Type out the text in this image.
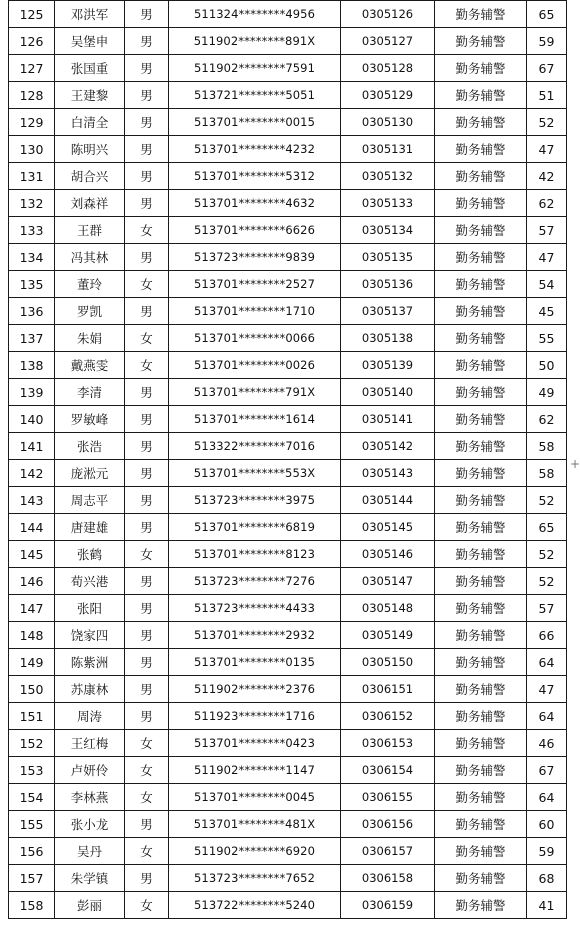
125	邓洪军	男	511324********4956	0305126	勤务辅警	65
126	吴堡申	男	511902********891X	0305127	勤务辅警	59
127	张国重	男	511902********7591	0305128	勤务辅警	67
128	王建黎	男	513721********5051	0305129	勤务辅警	51
129	白清全	男	513701********0015	0305130	勤务辅警	52
130	陈明兴	男	513701********4232	0305131	勤务辅警	47
131	胡合兴	男	513701********5312	0305132	勤务辅警	42
132	刘森祥	男	513701********4632	0305133	勤务辅警	62
133	王群	女	513701********6626	0305134	勤务辅警	57
134	冯其林	男	513723********9839	0305135	勤务辅警	47
135	董玲	女	513701********2527	0305136	勤务辅警	54
136	罗凯	男	513701********1710	0305137	勤务辅警	45
137	朱娟	女	513701********0066	0305138	勤务辅警	55
138	戴燕雯	女	513701********0026	0305139	勤务辅警	50
139	李清	男	513701********791X	0305140	勤务辅警	49
140	罗敏峰	男	513701********1614	0305141	勤务辅警	62
141	张浩	男	513322********7016	0305142	勤务辅警	58
142	庞淞元	男	513701********553X	0305143	勤务辅警	58
143	周志平	男	513723********3975	0305144	勤务辅警	52
144	唐建雄	男	513701********6819	0305145	勤务辅警	65
145	张鹤	女	513701********8123	0305146	勤务辅警	52
146	荀兴港	男	513723********7276	0305147	勤务辅警	52
147	张阳	男	513723********4433	0305148	勤务辅警	57
148	饶家四	男	513701********2932	0305149	勤务辅警	66
149	陈紫洲	男	513701********0135	0305150	勤务辅警	64
150	苏康林	男	511902********2376	0306151	勤务辅警	47
151	周涛	男	511923********1716	0306152	勤务辅警	64
152	王红梅	女	513701********0423	0306153	勤务辅警	46
153	卢妍伶	女	511902********1147	0306154	勤务辅警	67
154	李林燕	女	513701********0045	0306155	勤务辅警	64
155	张小龙	男	513701********481X	0306156	勤务辅警	60
156	吴丹	女	511902********6920	0306157	勤务辅警	59
157	朱学镇	男	513723********7652	0306158	勤务辅警	68
158	彭丽	女	513722********5240	0306159	勤务辅警	41
+
